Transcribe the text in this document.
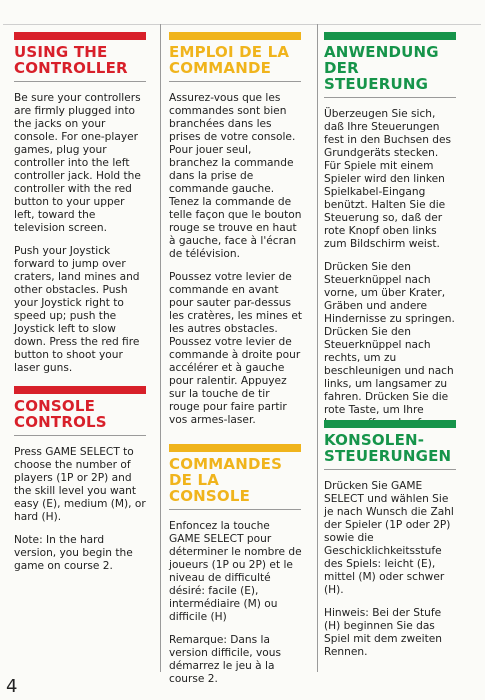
USING THE CONTROLLER

Be sure your controllers are firmly plugged into the jacks on your console. For one-player games, plug your controller into the left controller jack. Hold the controller with the red button to your upper left, toward the television screen.

Push your Joystick forward to jump over craters, land mines and other obstacles. Push your Joystick right to speed up; push the Joystick left to slow down. Press the red fire button to shoot your laser guns.

CONSOLE CONTROLS

Press GAME SELECT to choose the number of players (1P or 2P) and the skill level you want easy (E), medium (M), or hard (H).

Note: In the hard version, you begin the game on course 2.

EMPLOI DE LA COMMANDE

Assurez-vous que les commandes sont bien branchées dans les prises de votre console. Pour jouer seul, branchez la commande dans la prise de commande gauche. Tenez la commande de telle façon que le bouton rouge se trouve en haut à gauche, face à l'écran de télévision.

Poussez votre levier de commande en avant pour sauter par-dessus les cratères, les mines et les autres obstacles. Poussez votre levier de commande à droite pour accélérer et à gauche pour ralentir. Appuyez sur la touche de tir rouge pour faire partir vos armes-laser.

COMMANDES DE LA CONSOLE

Enfoncez la touche GAME SELECT pour déterminer le nombre de joueurs (1P ou 2P) et le niveau de difficulté désiré: facile (E), intermédiaire (M) ou difficile (H)

Remarque: Dans la version difficile, vous démarrez le jeu à la course 2.

ANWENDUNG DER STEUERUNG

Überzeugen Sie sich, daß Ihre Steuerungen fest in den Buchsen des Grundgeräts stecken. Für Spiele mit einem Spieler wird den linken Spielkabel-Eingang benützt. Halten Sie die Steuerung so, daß der rote Knopf oben links zum Bildschirm weist.

Drücken Sie den Steuerknüppel nach vorne, um über Krater, Gräben und andere Hindernisse zu springen. Drücken Sie den Steuerknüppel nach rechts, um zu beschleunigen und nach links, um langsamer zu fahren. Drücken Sie die rote Taste, um Ihre

KONSOLEN-STEUERUNGEN

Drücken Sie GAME SELECT und wählen Sie je nach Wunsch die Zahl der Spieler (1P oder 2P) sowie die Geschicklichkeitsstufe des Spiels: leicht (E), mittel (M) oder schwer (H).

Hinweis: Bei der Stufe (H) beginnen Sie das Spiel mit dem zweiten Rennen.

4
